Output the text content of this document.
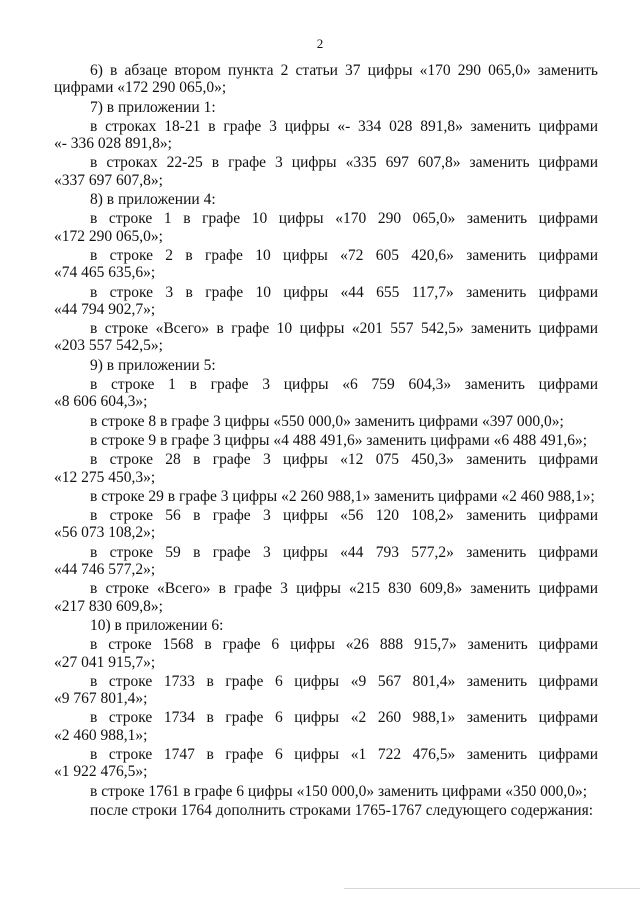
2

6) в абзаце втором пункта 2 статьи 37 цифры «170 290 065,0» заменить
цифрами «172 290 065,0»;

7) в приложении 1:

в строках 18-21 в графе 3 цифры «- 334 028 891,8» заменить цифрами
«- 336 028 891,8»;

в строках 22-25 в графе 3 цифры «335 697 607,8» заменить цифрами
«337 697 607,8»;

8) в приложении 4:

в строке 1 в графе 10 цифры «170 290 065,0» заменить цифрами
«172 290 065,0»;

в строке 2 в графе 10 цифры «72 605 420,6» заменить цифрами
«74 465 635,6»;

в строке 3 в графе 10 цифры «44 655 117,7» заменить цифрами
«44 794 902,7»;

в строке «Всего» в графе 10 цифры «201 557 542,5» заменить цифрами
«203 557 542,5»;

9) в приложении 5:

в строке 1 в графе 3 цифры «6 759 604,3» заменить цифрами
«8 606 604,3»;

в строке 8 в графе 3 цифры «550 000,0» заменить цифрами «397 000,0»;

в строке 9 в графе 3 цифры «4 488 491,6» заменить цифрами «6 488 491,6»;

в строке 28 в графе 3 цифры «12 075 450,3» заменить цифрами
«12 275 450,3»;

в строке 29 в графе 3 цифры «2 260 988,1» заменить цифрами «2 460 988,1»;

в строке 56 в графе 3 цифры «56 120 108,2» заменить цифрами
«56 073 108,2»;

в строке 59 в графе 3 цифры «44 793 577,2» заменить цифрами
«44 746 577,2»;

в строке «Всего» в графе 3 цифры «215 830 609,8» заменить цифрами
«217 830 609,8»;

10) в приложении 6:

в строке 1568 в графе 6 цифры «26 888 915,7» заменить цифрами
«27 041 915,7»;

в строке 1733 в графе 6 цифры «9 567 801,4» заменить цифрами
«9 767 801,4»;

в строке 1734 в графе 6 цифры «2 260 988,1» заменить цифрами
«2 460 988,1»;

в строке 1747 в графе 6 цифры «1 722 476,5» заменить цифрами
«1 922 476,5»;

в строке 1761 в графе 6 цифры «150 000,0» заменить цифрами «350 000,0»;

после строки 1764 дополнить строками 1765-1767 следующего содержания:
